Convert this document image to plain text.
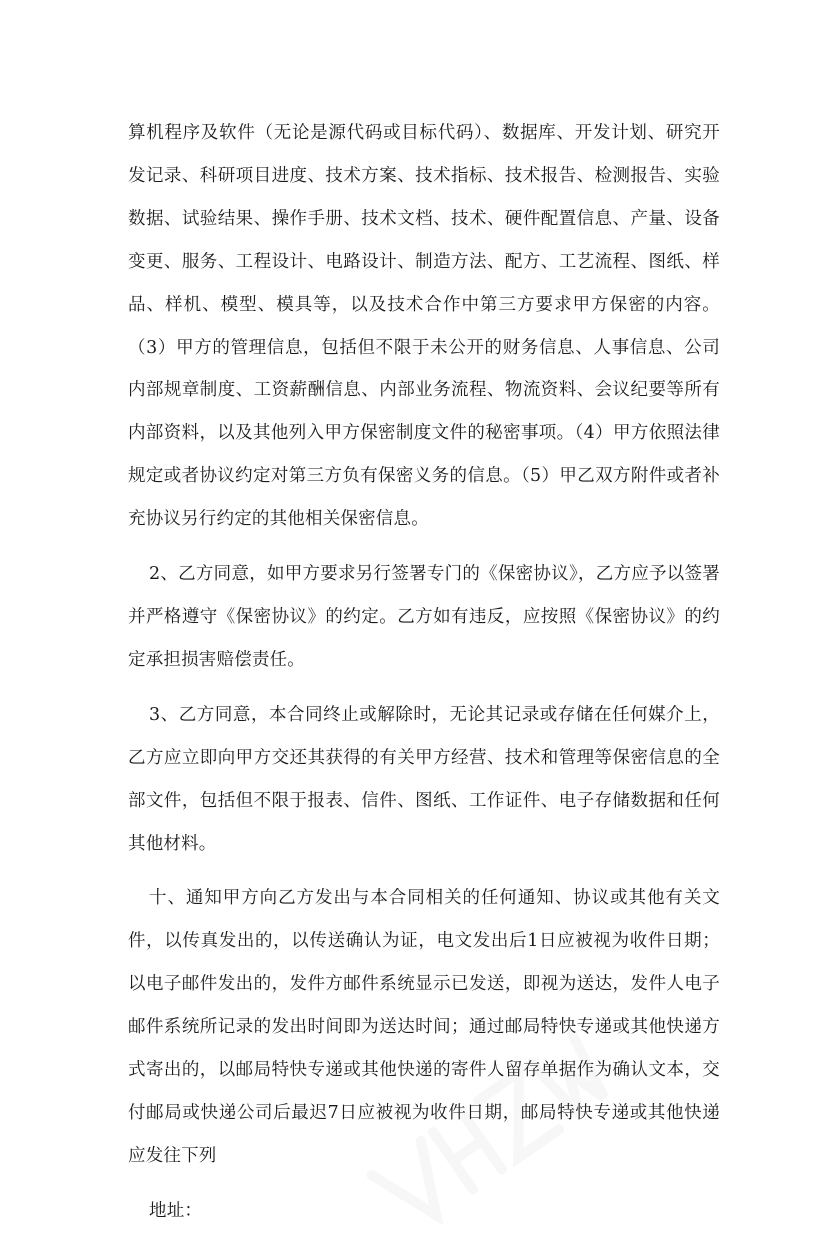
算机程序及软件（无论是源代码或目标代码）、数据库、开发计划、研究开发记录、科研项目进度、技术方案、技术指标、技术报告、检测报告、实验数据、试验结果、操作手册、技术文档、技术、硬件配置信息、产量、设备变更、服务、工程设计、电路设计、制造方法、配方、工艺流程、图纸、样品、样机、模型、模具等，以及技术合作中第三方要求甲方保密的内容。（3）甲方的管理信息，包括但不限于未公开的财务信息、人事信息、公司内部规章制度、工资薪酬信息、内部业务流程、物流资料、会议纪要等所有内部资料，以及其他列入甲方保密制度文件的秘密事项。（4）甲方依照法律规定或者协议约定对第三方负有保密义务的信息。（5）甲乙双方附件或者补充协议另行约定的其他相关保密信息。

2、乙方同意，如甲方要求另行签署专门的《保密协议》，乙方应予以签署并严格遵守《保密协议》的约定。乙方如有违反，应按照《保密协议》的约定承担损害赔偿责任。

3、乙方同意，本合同终止或解除时，无论其记录或存储在任何媒介上，乙方应立即向甲方交还其获得的有关甲方经营、技术和管理等保密信息的全部文件，包括但不限于报表、信件、图纸、工作证件、电子存储数据和任何其他材料。

十、通知甲方向乙方发出与本合同相关的任何通知、协议或其他有关文件，以传真发出的，以传送确认为证，电文发出后1日应被视为收件日期；以电子邮件发出的，发件方邮件系统显示已发送，即视为送达，发件人电子邮件系统所记录的发出时间即为送达时间；通过邮局特快专递或其他快递方式寄出的，以邮局特快专递或其他快递的寄件人留存单据作为确认文本，交付邮局或快递公司后最迟7日应被视为收件日期，邮局特快专递或其他快递应发往下列

地址：
